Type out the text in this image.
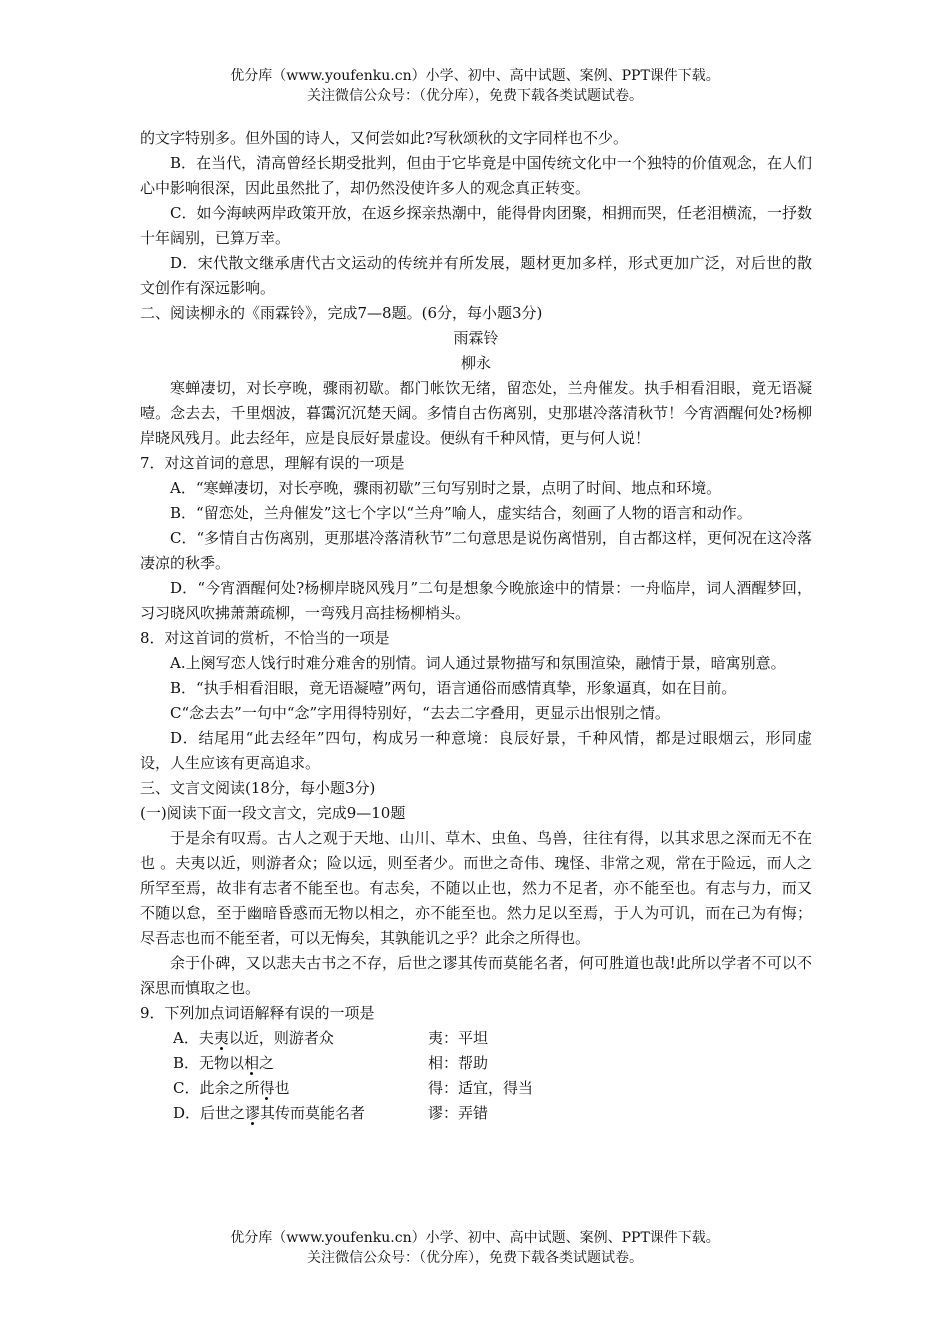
优分库（www.youfenku.cn）小学、初中、高中试题、案例、PPT课件下载。
关注微信公众号：（优分库），免费下载各类试题试卷。

的文字特别多。但外国的诗人，又何尝如此?写秋颂秋的文字同样也不少。

B．在当代，清高曾经长期受批判，但由于它毕竟是中国传统文化中一个独特的价值观念，在人们心中影响很深，因此虽然批了，却仍然没使许多人的观念真正转变。

C．如今海峡两岸政策开放，在返乡探亲热潮中，能得骨肉团聚，相拥而哭，任老泪横流，一抒数十年阔别，已算万幸。

D．宋代散文继承唐代古文运动的传统并有所发展，题材更加多样，形式更加广泛，对后世的散文创作有深远影响。

二、阅读柳永的《雨霖铃》，完成7—8题。(6分，每小题3分)

雨霖铃

柳永

寒蝉凄切，对长亭晚，骤雨初歇。都门帐饮无绪，留恋处，兰舟催发。执手相看泪眼，竟无语凝噎。念去去，千里烟波，暮霭沉沉楚天阔。多情自古伤离别，史那堪冷落清秋节！今宵酒醒何处?杨柳岸晓风残月。此去经年，应是良辰好景虚设。便纵有千种风情，更与何人说！

7．对这首词的意思，理解有误的一项是

A．“寒蝉凄切，对长亭晚，骤雨初歇”三句写别时之景，点明了时间、地点和环境。

B．“留恋处，兰舟催发”这七个字以“兰舟”喻人，虚实结合，刻画了人物的语言和动作。

C．“多情自古伤离别，更那堪冷落清秋节”二句意思是说伤离惜别，自古都这样，更何况在这冷落凄凉的秋季。

D．“今宵酒醒何处?杨柳岸晓风残月”二句是想象今晚旅途中的情景：一舟临岸，词人酒醒梦回，习习晓风吹拂萧萧疏柳，一弯残月高挂杨柳梢头。

8．对这首词的赏析，不恰当的一项是

A.上阕写恋人饯行时难分难舍的别情。词人通过景物描写和氛围渲染，融情于景，暗寓别意。

B．“执手相看泪眼，竟无语凝噎”两句，语言通俗而感情真挚，形象逼真，如在目前。

C“念去去”一句中“念”字用得特别好，“去去二字叠用，更显示出恨别之情。

D．结尾用“此去经年”四句，构成另一种意境：良辰好景，千种风情，都是过眼烟云，形同虚设，人生应该有更高追求。

三、文言文阅读(18分，每小题3分)

(一)阅读下面一段文言文，完成9—10题

于是余有叹焉。古人之观于天地、山川、草木、虫鱼、鸟兽，往往有得，以其求思之深而无不在也 。夫夷以近，则游者众；险以远，则至者少。而世之奇伟、瑰怪、非常之观，常在于险远，而人之所罕至焉，故非有志者不能至也。有志矣，不随以止也，然力不足者，亦不能至也。有志与力，而又不随以怠，至于幽暗昏惑而无物以相之，亦不能至也。然力足以至焉，于人为可讥，而在己为有悔；尽吾志也而不能至者，可以无悔矣，其孰能讥之乎？此余之所得也。

余于仆碑，又以悲夫古书之不存，后世之谬其传而莫能名者，何可胜道也哉!此所以学者不可以不深思而慎取之也。

9．下列加点词语解释有误的一项是

A．夫夷以近，则游者众	夷：平坦
B．无物以相之	相：帮助
C．此余之所得也	得：适宜，得当
D．后世之谬其传而莫能名者	谬：弄错
优分库（www.youfenku.cn）小学、初中、高中试题、案例、PPT课件下载。
关注微信公众号：（优分库），免费下载各类试题试卷。
